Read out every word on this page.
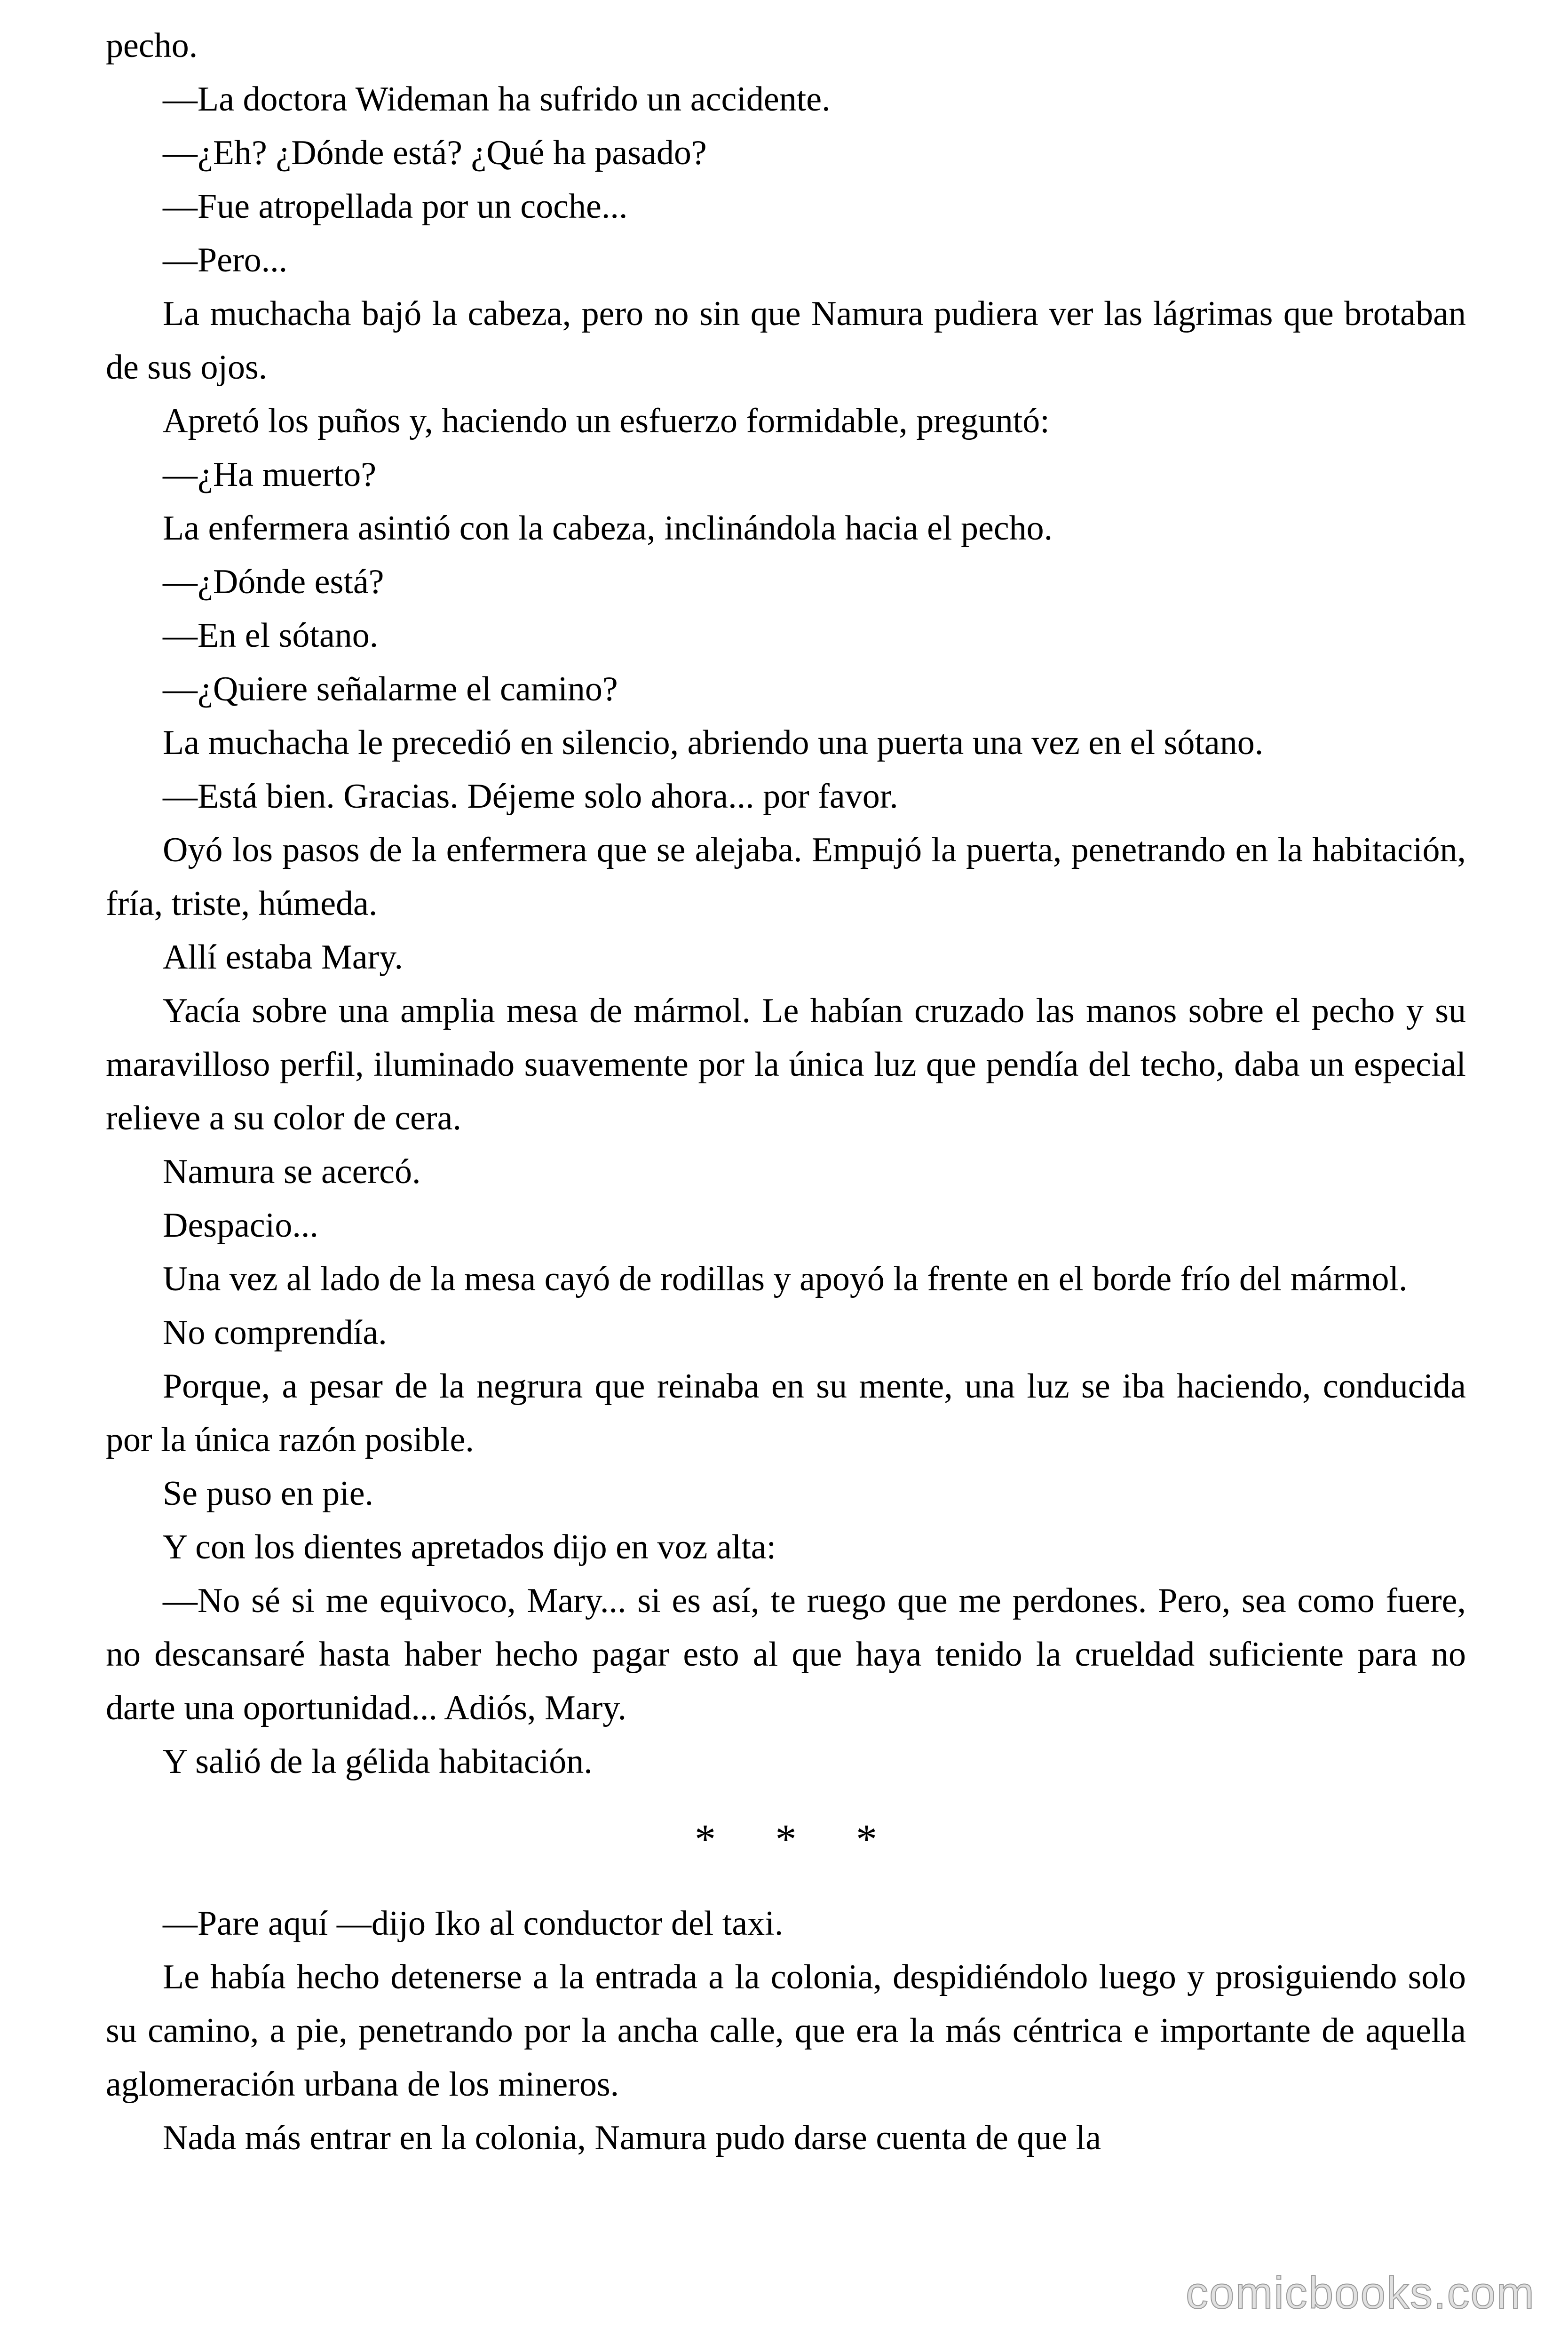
pecho.

—La doctora Wideman ha sufrido un accidente.

—¿Eh? ¿Dónde está? ¿Qué ha pasado?

—Fue atropellada por un coche...

—Pero...

La muchacha bajó la cabeza, pero no sin que Namura pudiera ver las lágrimas que brotaban de sus ojos.

Apretó los puños y, haciendo un esfuerzo formidable, preguntó:

—¿Ha muerto?

La enfermera asintió con la cabeza, inclinándola hacia el pecho.

—¿Dónde está?

—En el sótano.

—¿Quiere señalarme el camino?

La muchacha le precedió en silencio, abriendo una puerta una vez en el sótano.

—Está bien. Gracias. Déjeme solo ahora... por favor.

Oyó los pasos de la enfermera que se alejaba. Empujó la puerta, penetrando en la habitación, fría, triste, húmeda.

Allí estaba Mary.

Yacía sobre una amplia mesa de mármol. Le habían cruzado las manos sobre el pecho y su maravilloso perfil, iluminado suavemente por la única luz que pendía del techo, daba un especial relieve a su color de cera.

Namura se acercó.

Despacio...

Una vez al lado de la mesa cayó de rodillas y apoyó la frente en el borde frío del mármol.

No comprendía.

Porque, a pesar de la negrura que reinaba en su mente, una luz se iba haciendo, conducida por la única razón posible.

Se puso en pie.

Y con los dientes apretados dijo en voz alta:

—No sé si me equivoco, Mary... si es así, te ruego que me perdones. Pero, sea como fuere, no descansaré hasta haber hecho pagar esto al que haya tenido la crueldad suficiente para no darte una oportunidad... Adiós, Mary.

Y salió de la gélida habitación.

* * *

—Pare aquí —dijo Iko al conductor del taxi.

Le había hecho detenerse a la entrada a la colonia, despidiéndolo luego y prosiguiendo solo su camino, a pie, penetrando por la ancha calle, que era la más céntrica e importante de aquella aglomeración urbana de los mineros.

Nada más entrar en la colonia, Namura pudo darse cuenta de que la

comicbooks.com
